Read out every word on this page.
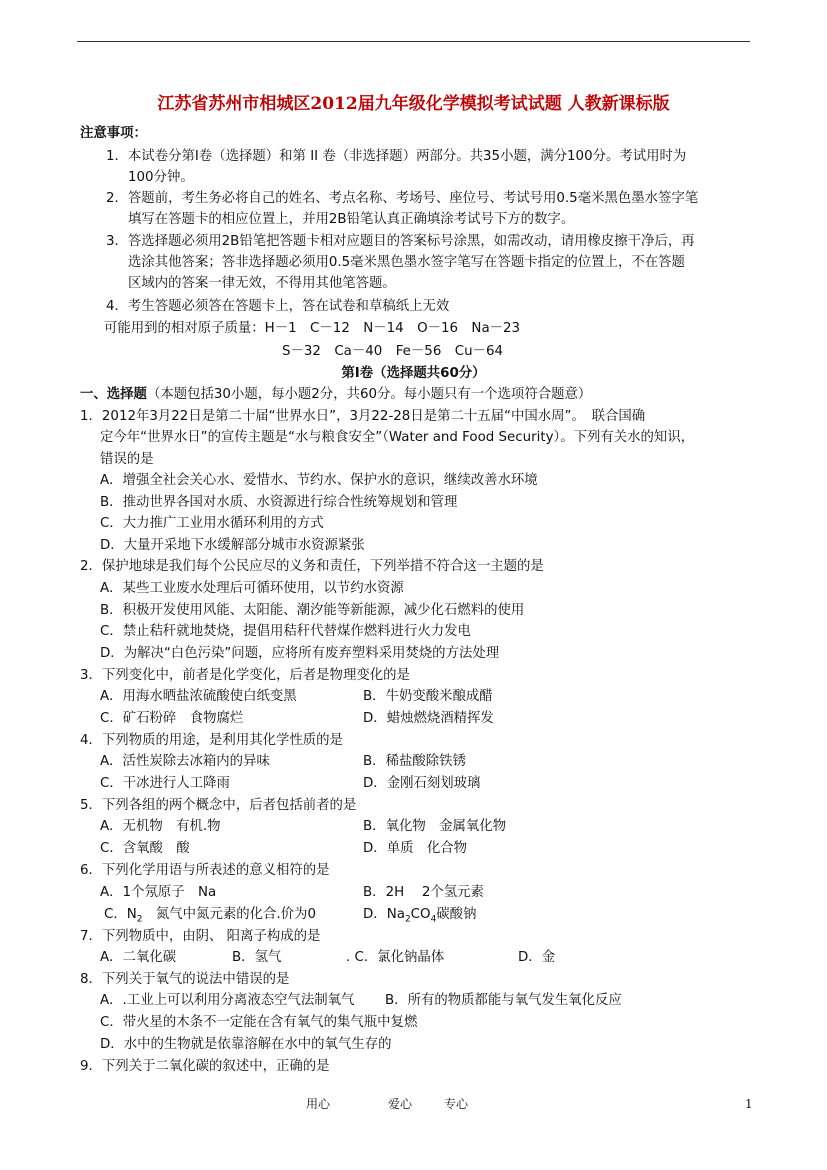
江苏省苏州市相城区2012届九年级化学模拟考试试题 人教新课标版
注意事项：
1．本试卷分第Ⅰ卷（选择题）和第 II 卷（非选择题）两部分。共35小题，满分100分。考试用时为
100分钟。
2．答题前，考生务必将自己的姓名、考点名称、考场号、座位号、考试号用0.5毫米黑色墨水签字笔
填写在答题卡的相应位置上，并用2B铅笔认真正确填涂考试号下方的数字。
3．答选择题必须用2B铅笔把答题卡相对应题目的答案标号涂黑，如需改动，请用橡皮擦干净后，再
选涂其他答案；答非选择题必须用0.5毫米黑色墨水签字笔写在答题卡指定的位置上，不在答题
区域内的答案一律无效，不得用其他笔答题。
4．考生答题必须答在答题卡上，答在试卷和草稿纸上无效
可能用到的相对原子质量：H－1　C－12　N－14　O－16　Na－23
S－32　Ca－40　Fe－56　Cu－64
第Ⅰ卷（选择题共60分）
一、选择题（本题包括30小题，每小题2分，共60分。每小题只有一个选项符合题意）
1．2012年3月22日是第二十届“世界水日”，3月22-28日是第二十五届“中国水周”。　联合国确
定今年“世界水日”的宣传主题是“水与粮食安全”（Water and Food Security）。下列有关水的知识，
错误的是
A．增强全社会关心水、爱惜水、节约水、保护水的意识，继续改善水环境
B．推动世界各国对水质、水资源进行综合性统筹规划和管理
C．大力推广工业用水循环利用的方式
D．大量开采地下水缓解部分城市水资源紧张
2．保护地球是我们每个公民应尽的义务和责任，下列举措不符合这一主题的是
A．某些工业废水处理后可循环使用，以节约水资源
B．积极开发使用风能、太阳能、潮汐能等新能源，减少化石燃料的使用
C．禁止秸秆就地焚烧，提倡用秸秆代替煤作燃料进行火力发电
D．为解决“白色污染”问题，应将所有废弃塑料采用焚烧的方法处理
3．下列变化中，前者是化学变化，后者是物理变化的是
A．用海水晒盐浓硫酸使白纸变黑	B．牛奶变酸米酿成醋
C．矿石粉碎　食物腐烂	D．蜡烛燃烧酒精挥发
4．下列物质的用途，是利用其化学性质的是
A．活性炭除去冰箱内的异味	B．稀盐酸除铁锈
C．干冰进行人工降雨	D．金刚石刻划玻璃
5．下列各组的两个概念中，后者包括前者的是
A．无机物　有机.物	B．氧化物　金属氧化物
C．含氧酸　酸	D．单质　化合物
6．下列化学用语与所表述的意义相符的是
A．1个氖原子　Na	B．2H　 2个氢元素
C．$N_2$　氮气中氮元素的化合.价为0	D．$Na_2CO_4$碳酸钠
7．下列物质中，由阴、 阳离子构成的是
A．二氧化碳	B．氢气	. C．氯化钠晶体	D．金
8．下列关于氧气的说法中错误的是
A．.工业上可以利用分离液态空气法制氧气 B．所有的物质都能与氧气发生氧化反应
C．带火星的木条不一定能在含有氧气的集气瓶中复燃
D．水中的生物就是依靠溶解在水中的氧气生存的
9．下列关于二氧化碳的叙述中，正确的是
用心	爱心	专心	1
